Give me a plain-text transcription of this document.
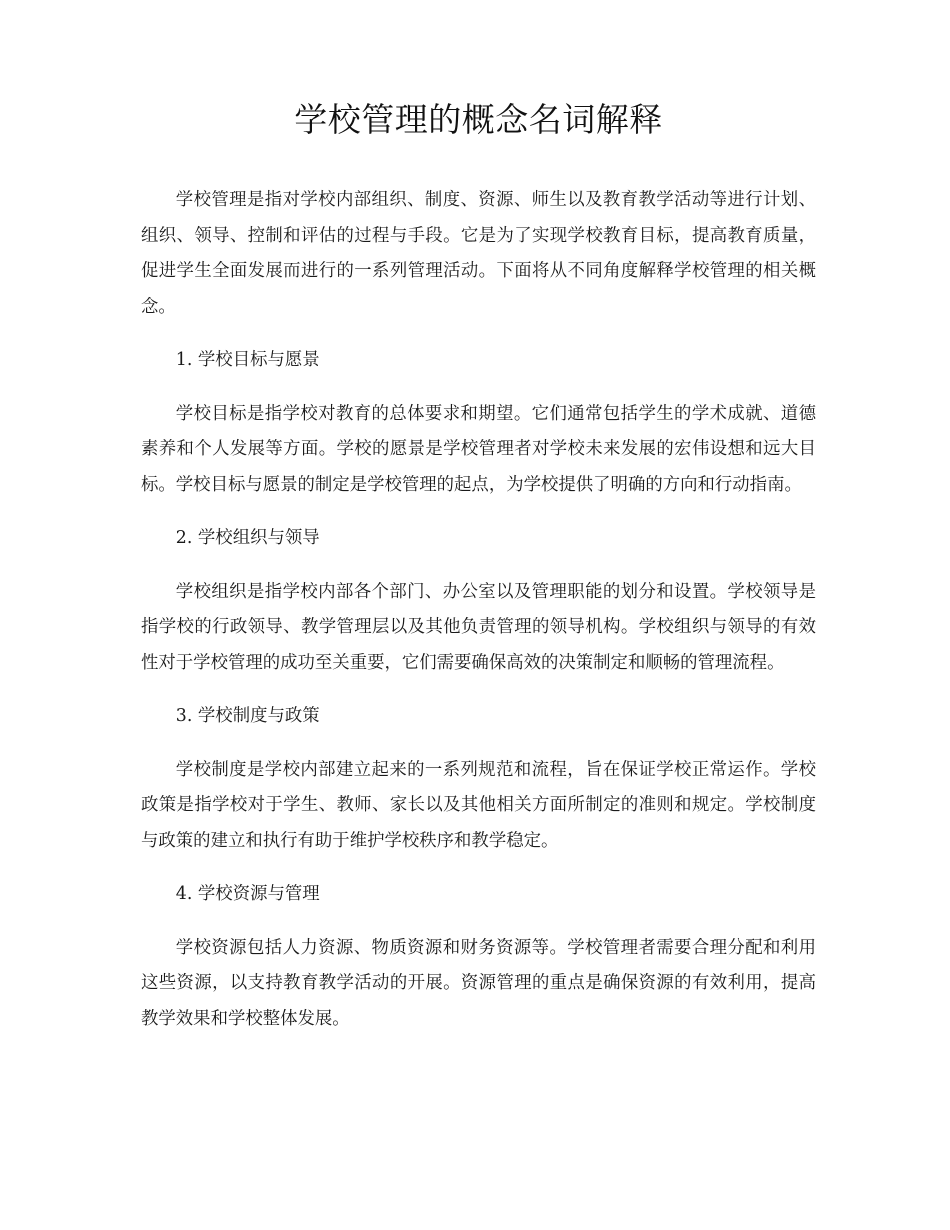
学校管理的概念名词解释

学校管理是指对学校内部组织、制度、资源、师生以及教育教学活动等进行计划、组织、领导、控制和评估的过程与手段。它是为了实现学校教育目标，提高教育质量，促进学生全面发展而进行的一系列管理活动。下面将从不同角度解释学校管理的相关概念。

1. 学校目标与愿景

学校目标是指学校对教育的总体要求和期望。它们通常包括学生的学术成就、道德素养和个人发展等方面。学校的愿景是学校管理者对学校未来发展的宏伟设想和远大目标。学校目标与愿景的制定是学校管理的起点，为学校提供了明确的方向和行动指南。

2. 学校组织与领导

学校组织是指学校内部各个部门、办公室以及管理职能的划分和设置。学校领导是指学校的行政领导、教学管理层以及其他负责管理的领导机构。学校组织与领导的有效性对于学校管理的成功至关重要，它们需要确保高效的决策制定和顺畅的管理流程。

3. 学校制度与政策

学校制度是学校内部建立起来的一系列规范和流程，旨在保证学校正常运作。学校政策是指学校对于学生、教师、家长以及其他相关方面所制定的准则和规定。学校制度与政策的建立和执行有助于维护学校秩序和教学稳定。

4. 学校资源与管理

学校资源包括人力资源、物质资源和财务资源等。学校管理者需要合理分配和利用这些资源，以支持教育教学活动的开展。资源管理的重点是确保资源的有效利用，提高教学效果和学校整体发展。
